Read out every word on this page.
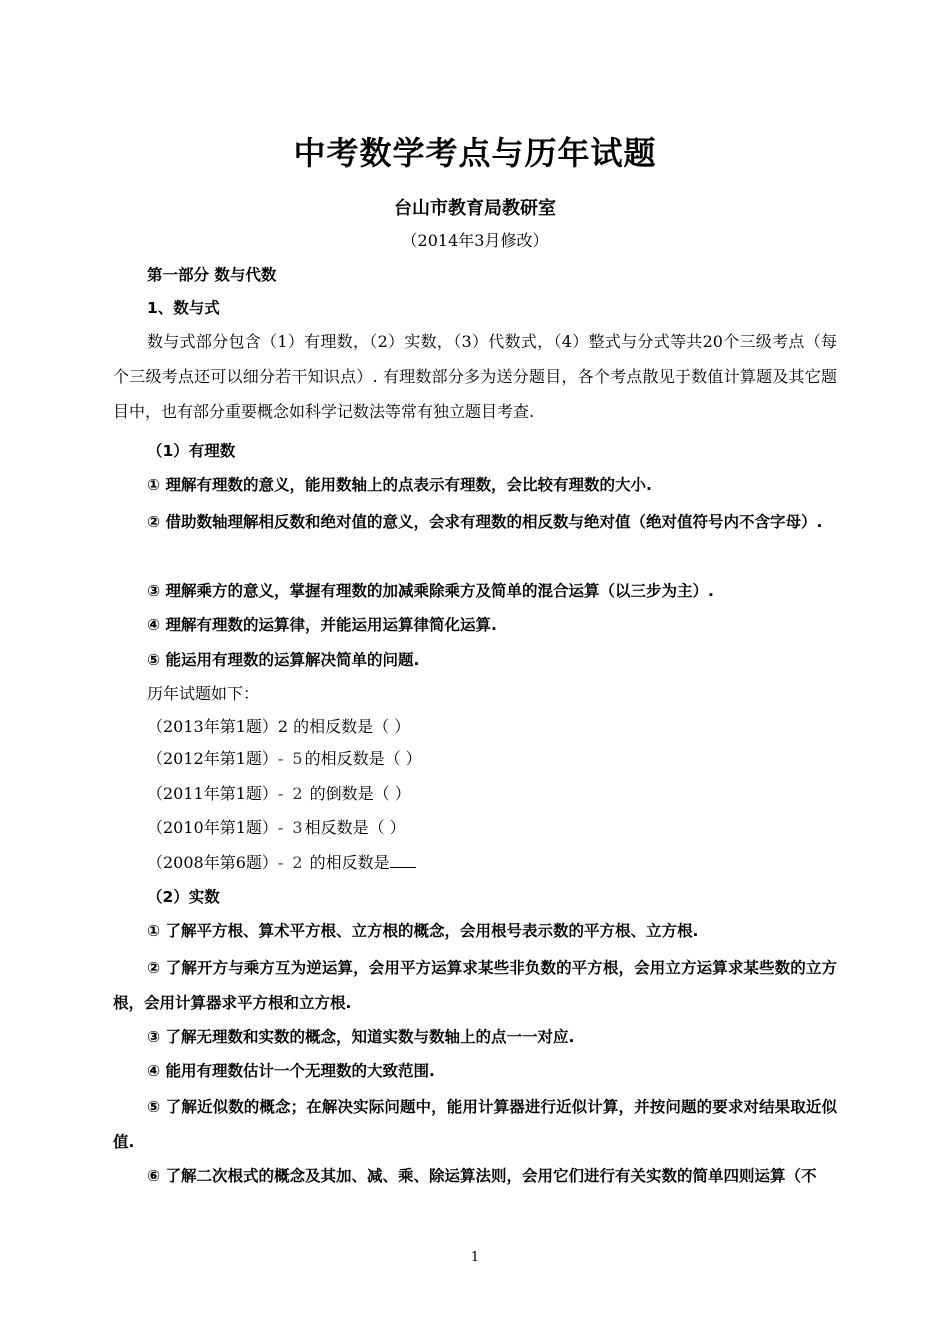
中考数学考点与历年试题
台山市教育局教研室
（2014年3月修改）
第一部分 数与代数
1、数与式
数与式部分包含（1）有理数，（2）实数，（3）代数式，（4）整式与分式等共20个三级考点（每个三级考点还可以细分若干知识点）. 有理数部分多为送分题目，各个考点散见于数值计算题及其它题目中，也有部分重要概念如科学记数法等常有独立题目考查.
（1）有理数
① 理解有理数的意义，能用数轴上的点表示有理数，会比较有理数的大小.
② 借助数轴理解相反数和绝对值的意义，会求有理数的相反数与绝对值（绝对值符号内不含字母）.
③ 理解乘方的意义，掌握有理数的加减乘除乘方及简单的混合运算（以三步为主）.
④ 理解有理数的运算律，并能运用运算律简化运算.
⑤ 能运用有理数的运算解决简单的问题.
历年试题如下：
（2013年第1题）2 的相反数是（ ）
（2012年第1题）- 5的相反数是（ ）
（2011年第1题）- 2 的倒数是（ ）
（2010年第1题）- 3相反数是（ ）
（2008年第6题）- 2 的相反数是
（2）实数
① 了解平方根、算术平方根、立方根的概念，会用根号表示数的平方根、立方根.
② 了解开方与乘方互为逆运算，会用平方运算求某些非负数的平方根，会用立方运算求某些数的立方根，会用计算器求平方根和立方根.
③ 了解无理数和实数的概念，知道实数与数轴上的点一一对应.
④ 能用有理数估计一个无理数的大致范围.
⑤ 了解近似数的概念；在解决实际问题中，能用计算器进行近似计算，并按问题的要求对结果取近似值.
⑥ 了解二次根式的概念及其加、减、乘、除运算法则，会用它们进行有关实数的简单四则运算（不
1
